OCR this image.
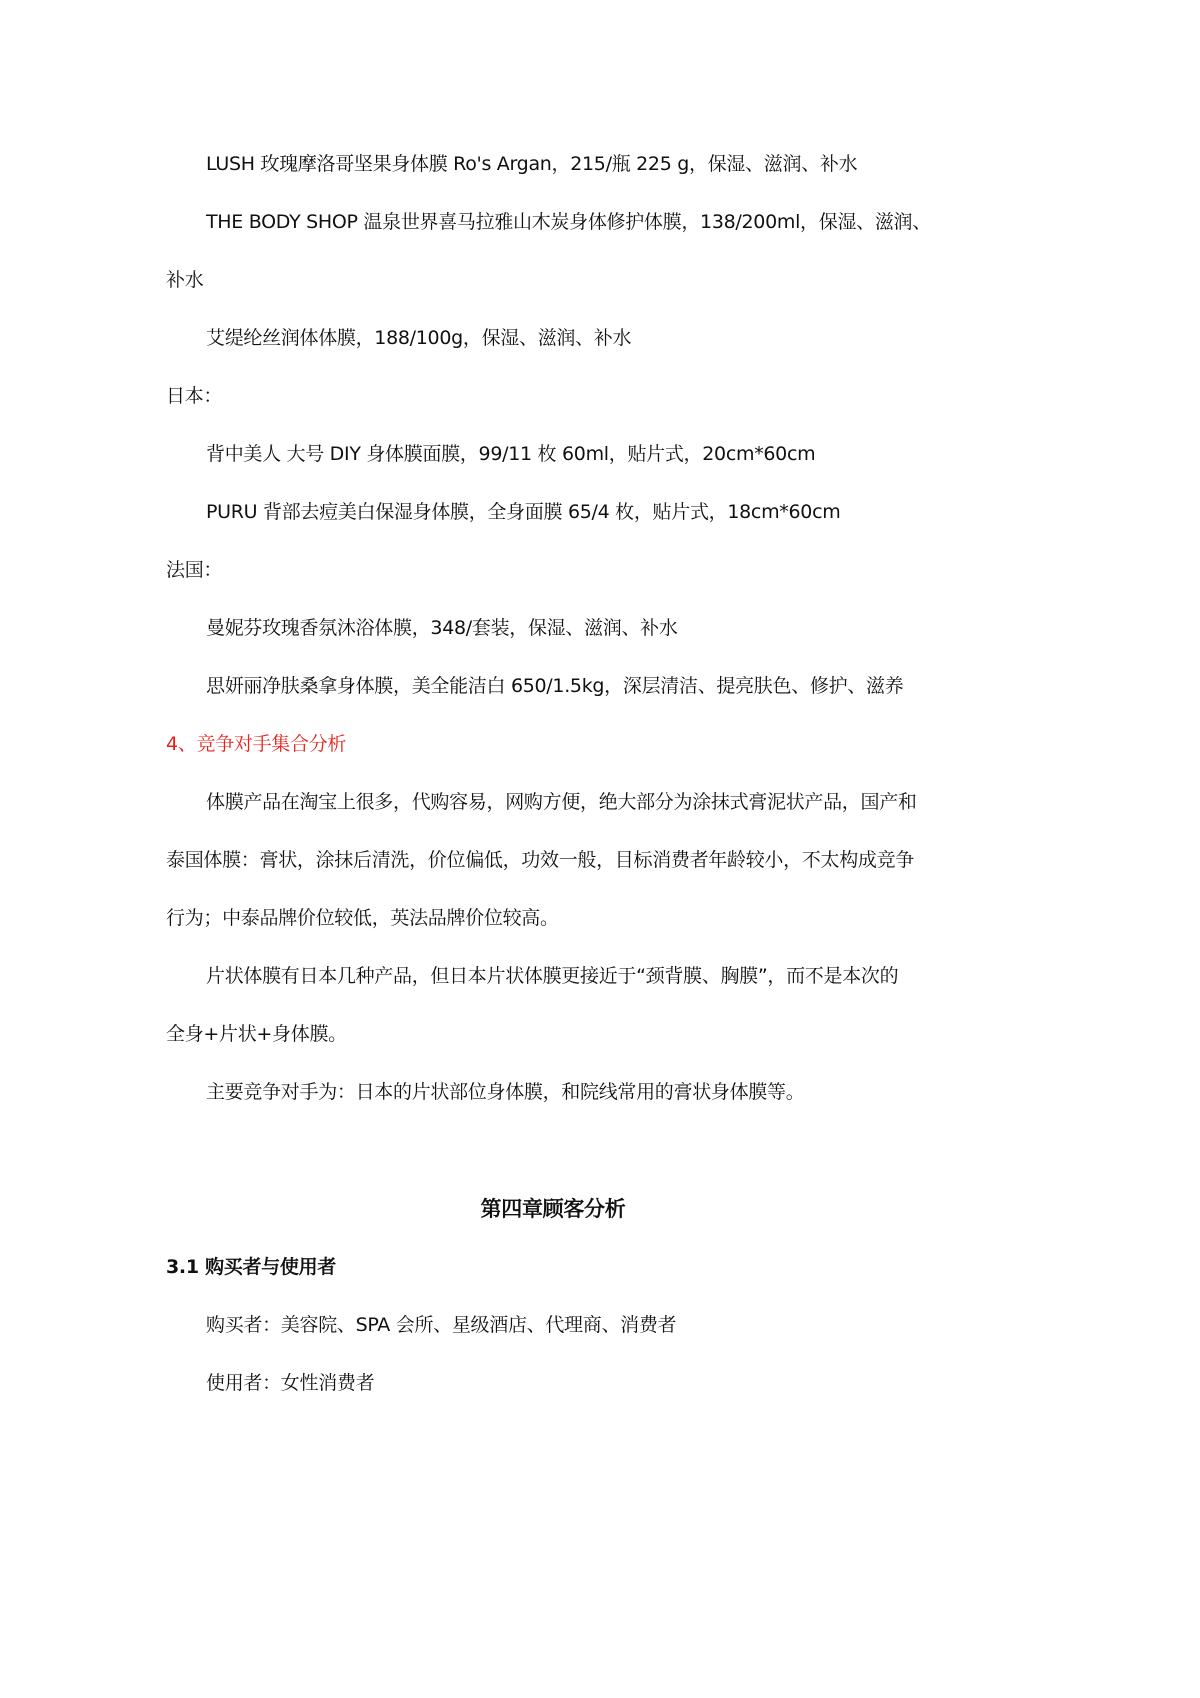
LUSH 玫瑰摩洛哥坚果身体膜 Ro's Argan，215/瓶 225 g，保湿、滋润、补水
THE BODY SHOP 温泉世界喜马拉雅山木炭身体修护体膜，138/200ml，保湿、滋润、
补水
艾缇纶丝润体体膜，188/100g，保湿、滋润、补水
日本：
背中美人 大号 DIY 身体膜面膜，99/11 枚 60ml，贴片式，20cm*60cm
PURU 背部去痘美白保湿身体膜，全身面膜 65/4 枚，贴片式，18cm*60cm
法国：
曼妮芬玫瑰香氛沐浴体膜，348/套装，保湿、滋润、补水
思妍丽净肤桑拿身体膜，美全能洁白 650/1.5kg，深层清洁、提亮肤色、修护、滋养
4、竞争对手集合分析
体膜产品在淘宝上很多，代购容易，网购方便，绝大部分为涂抹式膏泥状产品，国产和
泰国体膜：膏状，涂抹后清洗，价位偏低，功效一般，目标消费者年龄较小，不太构成竞争
行为；中泰品牌价位较低，英法品牌价位较高。
片状体膜有日本几种产品，但日本片状体膜更接近于“颈背膜、胸膜”，而不是本次的
全身+片状+身体膜。
主要竞争对手为：日本的片状部位身体膜，和院线常用的膏状身体膜等。
第四章顾客分析
3.1 购买者与使用者
购买者：美容院、SPA 会所、星级酒店、代理商、消费者
使用者：女性消费者
